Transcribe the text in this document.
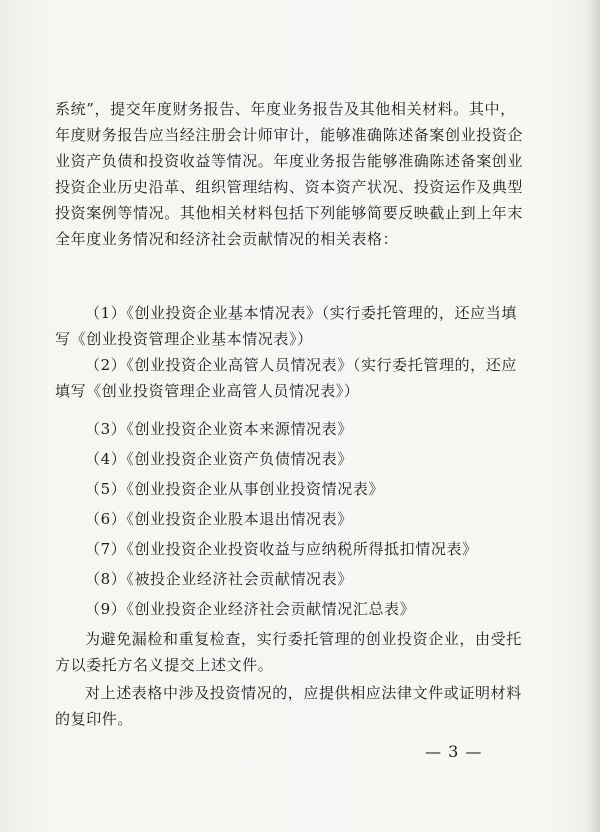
系统”，提交年度财务报告、年度业务报告及其他相关材料。其中，年度财务报告应当经注册会计师审计，能够准确陈述备案创业投资企业资产负债和投资收益等情况。年度业务报告能够准确陈述备案创业投资企业历史沿革、组织管理结构、资本资产状况、投资运作及典型投资案例等情况。其他相关材料包括下列能够简要反映截止到上年末全年度业务情况和经济社会贡献情况的相关表格：
（1）《创业投资企业基本情况表》（实行委托管理的，还应当填写《创业投资管理企业基本情况表》）
（2）《创业投资企业高管人员情况表》（实行委托管理的，还应填写《创业投资管理企业高管人员情况表》）
（3）《创业投资企业资本来源情况表》
（4）《创业投资企业资产负债情况表》
（5）《创业投资企业从事创业投资情况表》
（6）《创业投资企业股本退出情况表》
（7）《创业投资企业投资收益与应纳税所得抵扣情况表》
（8）《被投企业经济社会贡献情况表》
（9）《创业投资企业经济社会贡献情况汇总表》
为避免漏检和重复检查，实行委托管理的创业投资企业，由受托方以委托方名义提交上述文件。
对上述表格中涉及投资情况的，应提供相应法律文件或证明材料的复印件。
— 3 —
